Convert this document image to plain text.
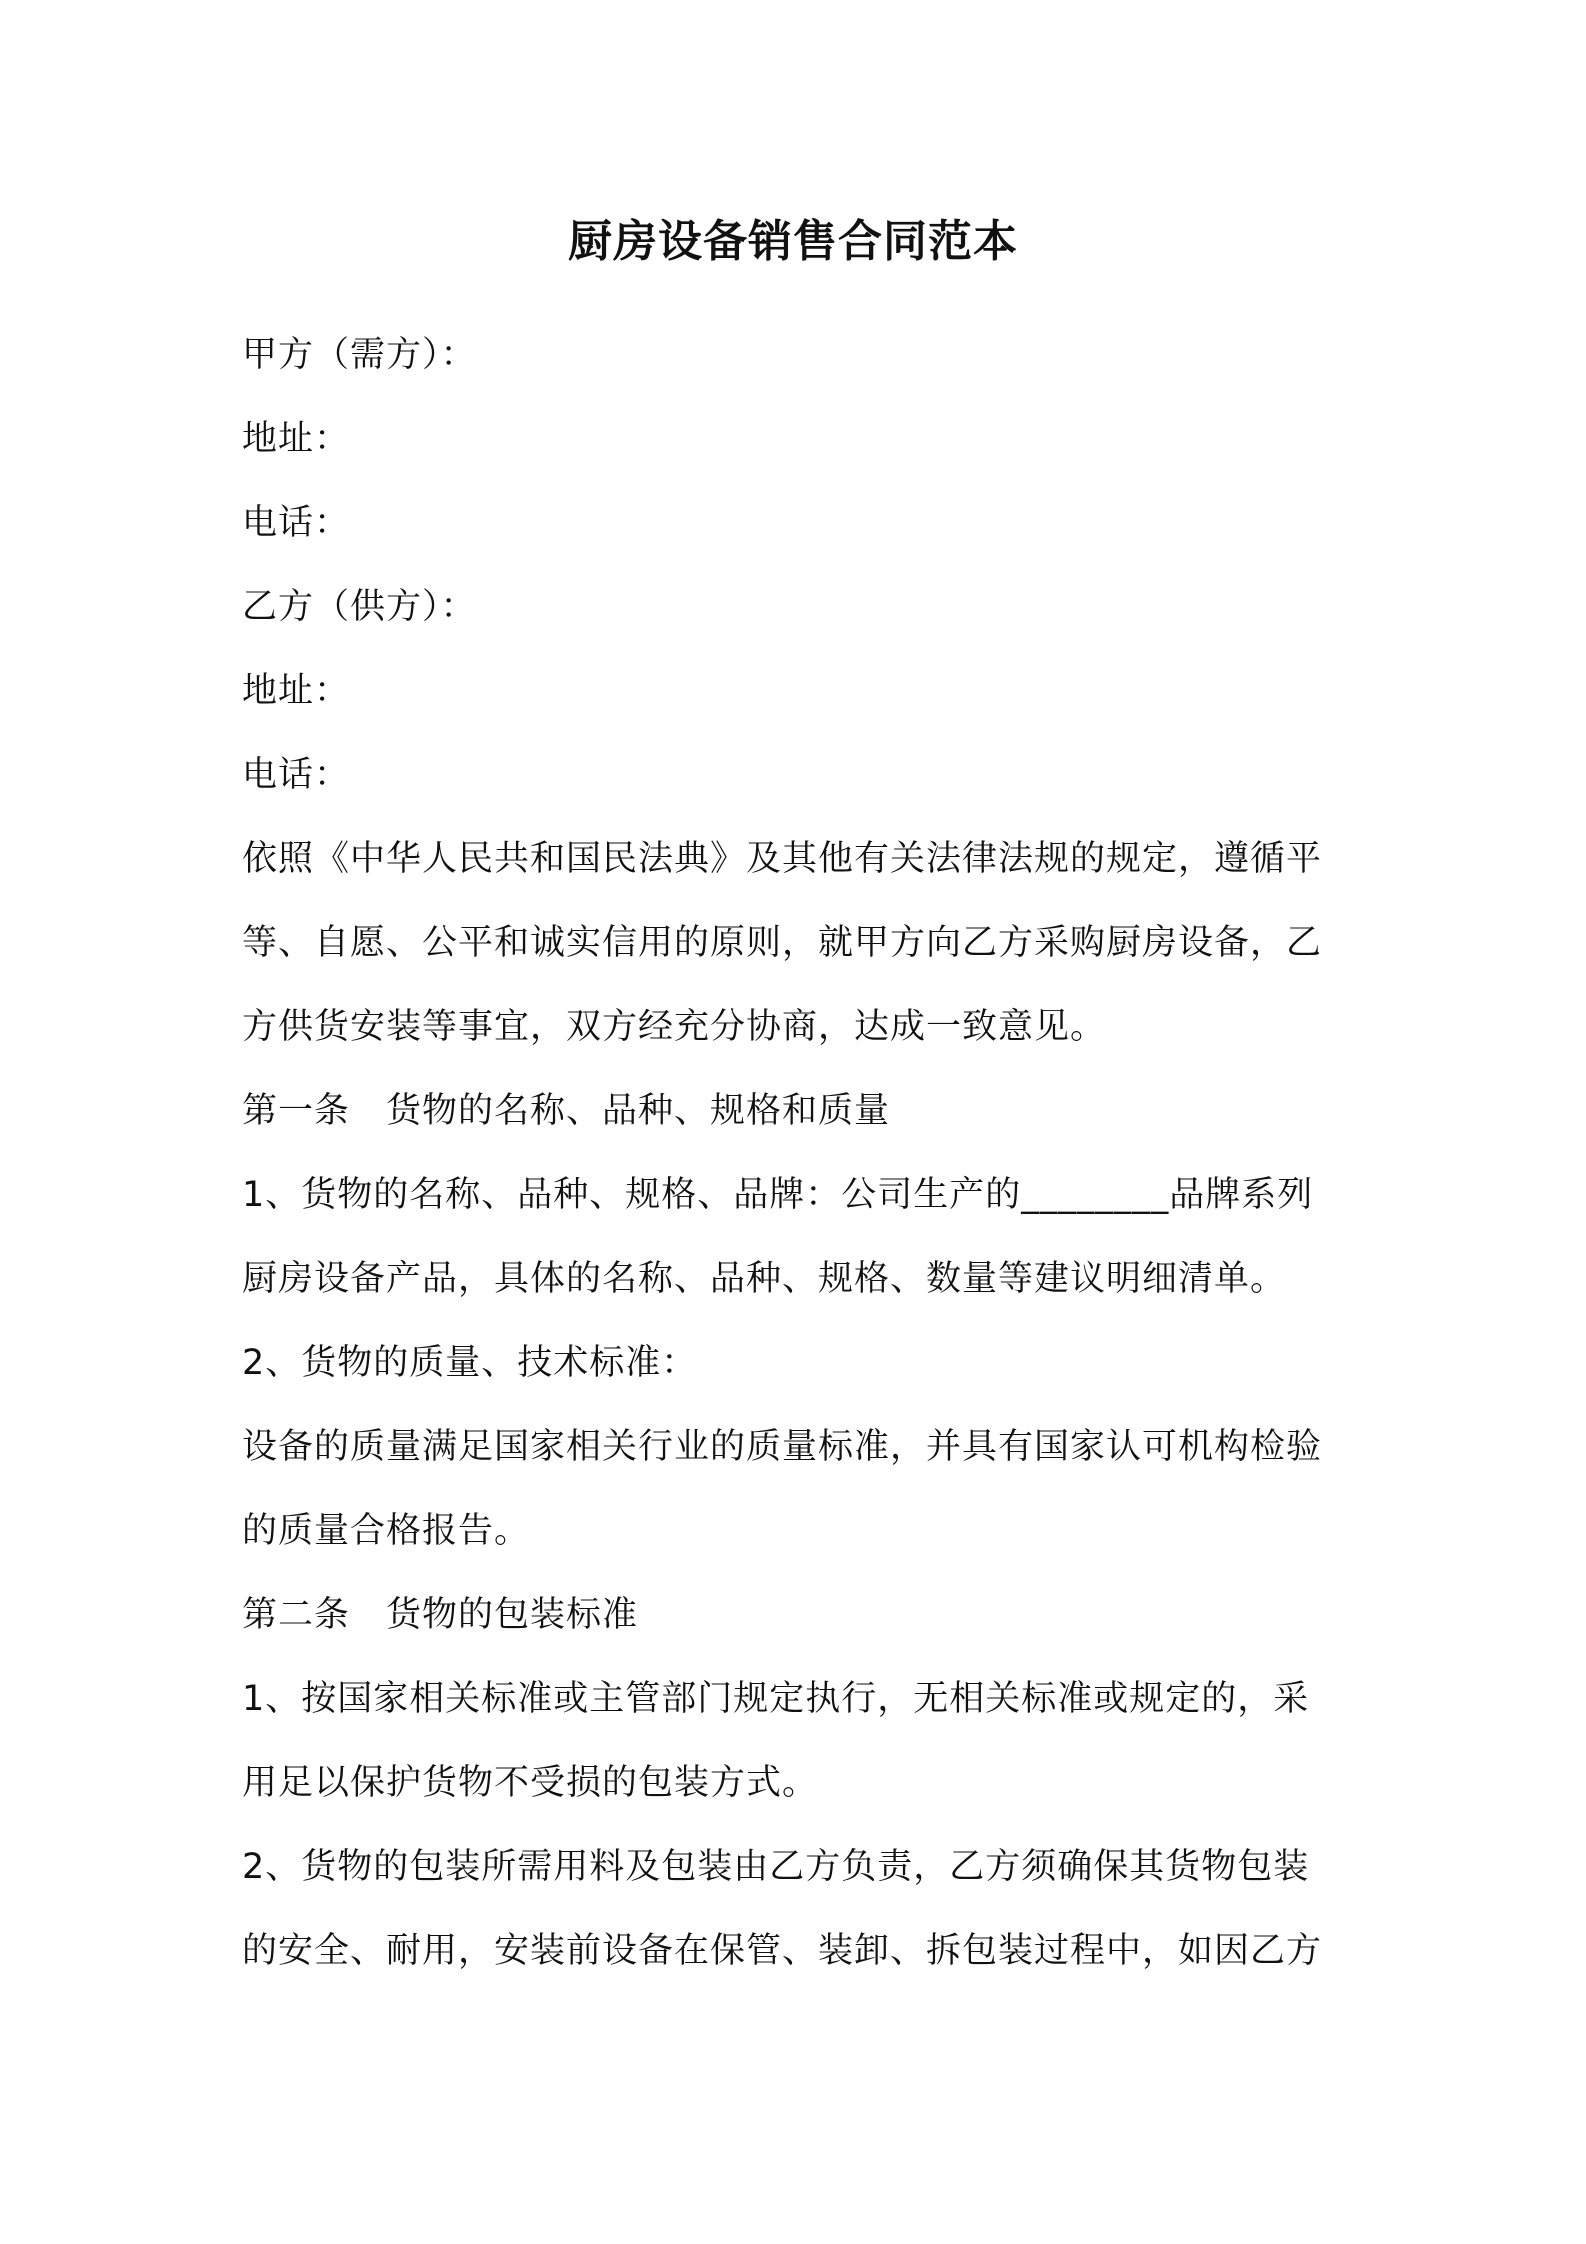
厨房设备销售合同范本
甲方（需方）：
地址：
电话：
乙方（供方）：
地址：
电话：
依照《中华人民共和国民法典》及其他有关法律法规的规定，遵循平
等、自愿、公平和诚实信用的原则，就甲方向乙方采购厨房设备，乙
方供货安装等事宜，双方经充分协商，达成一致意见。
第一条 货物的名称、品种、规格和质量
1、货物的名称、品种、规格、品牌：公司生产的________品牌系列
厨房设备产品，具体的名称、品种、规格、数量等建议明细清单。
2、货物的质量、技术标准：
设备的质量满足国家相关行业的质量标准，并具有国家认可机构检验
的质量合格报告。
第二条 货物的包装标准
1、按国家相关标准或主管部门规定执行，无相关标准或规定的，采
用足以保护货物不受损的包装方式。
2、货物的包装所需用料及包装由乙方负责，乙方须确保其货物包装
的安全、耐用，安装前设备在保管、装卸、拆包装过程中，如因乙方
